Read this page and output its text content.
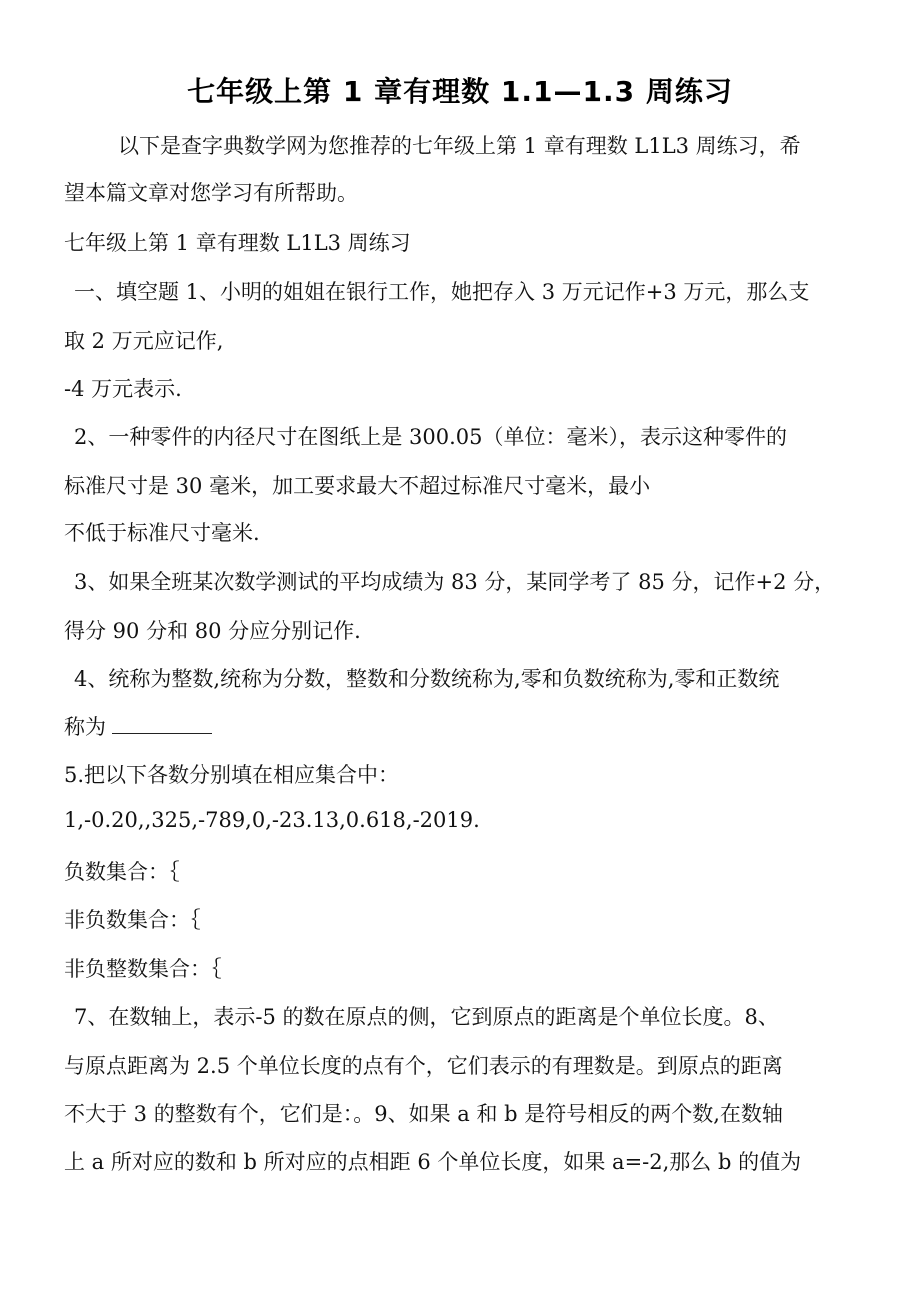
七年级上第 1 章有理数 1.1—1.3 周练习
以下是查字典数学网为您推荐的七年级上第 1 章有理数 L1L3 周练习，希
望本篇文章对您学习有所帮助。
七年级上第 1 章有理数 L1L3 周练习
一、填空题 1、小明的姐姐在银行工作，她把存入 3 万元记作+3 万元，那么支
取 2 万元应记作,
-4 万元表示.
2、一种零件的内径尺寸在图纸上是 300.05（单位：毫米），表示这种零件的
标准尺寸是 30 毫米，加工要求最大不超过标准尺寸毫米，最小
不低于标准尺寸毫米.
3、如果全班某次数学测试的平均成绩为 83 分，某同学考了 85 分，记作+2 分，
得分 90 分和 80 分应分别记作.
4、统称为整数,统称为分数，整数和分数统称为,零和负数统称为,零和正数统
称为
5.把以下各数分别填在相应集合中：
1,-0.20,,325,-789,0,-23.13,0.618,-2019.
负数集合：｛
非负数集合：｛
非负整数集合：｛
7、在数轴上，表示-5 的数在原点的侧，它到原点的距离是个单位长度。8、
与原点距离为 2.5 个单位长度的点有个，它们表示的有理数是。到原点的距离
不大于 3 的整数有个，它们是：。9、如果 a 和 b 是符号相反的两个数,在数轴
上 a 所对应的数和 b 所对应的点相距 6 个单位长度，如果 a=-2,那么 b 的值为
